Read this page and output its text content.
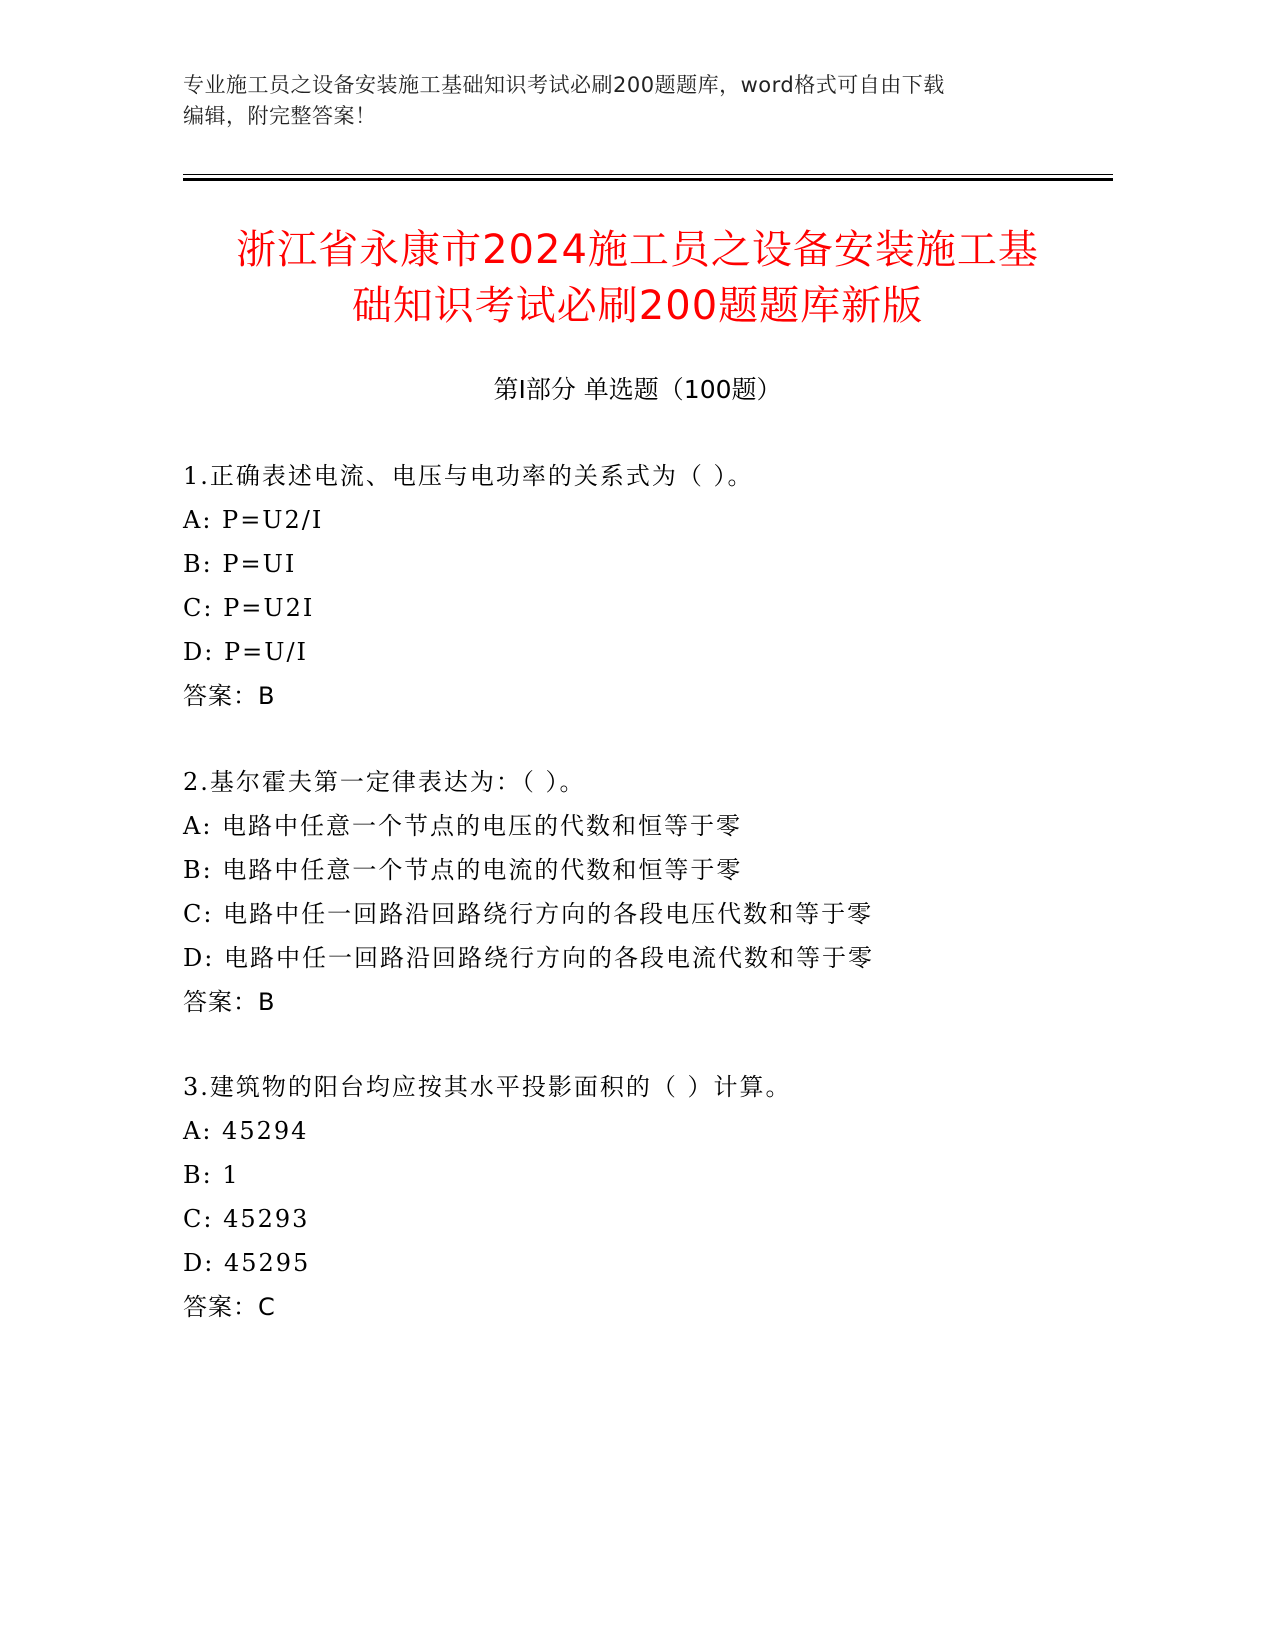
专业施工员之设备安装施工基础知识考试必刷200题题库，word格式可自由下载
编辑，附完整答案！
浙江省永康市2024施工员之设备安装施工基
础知识考试必刷200题题库新版
第Ⅰ部分 单选题（100题）
1.正确表述电流、电压与电功率的关系式为（ ）。
A: P=U2/I
B: P=UI
C: P=U2I
D: P=U/I
答案：B
2.基尔霍夫第一定律表达为：（ ）。
A: 电路中任意一个节点的电压的代数和恒等于零
B: 电路中任意一个节点的电流的代数和恒等于零
C: 电路中任一回路沿回路绕行方向的各段电压代数和等于零
D: 电路中任一回路沿回路绕行方向的各段电流代数和等于零
答案：B
3.建筑物的阳台均应按其水平投影面积的（ ）计算。
A: 45294
B: 1
C: 45293
D: 45295
答案：C
